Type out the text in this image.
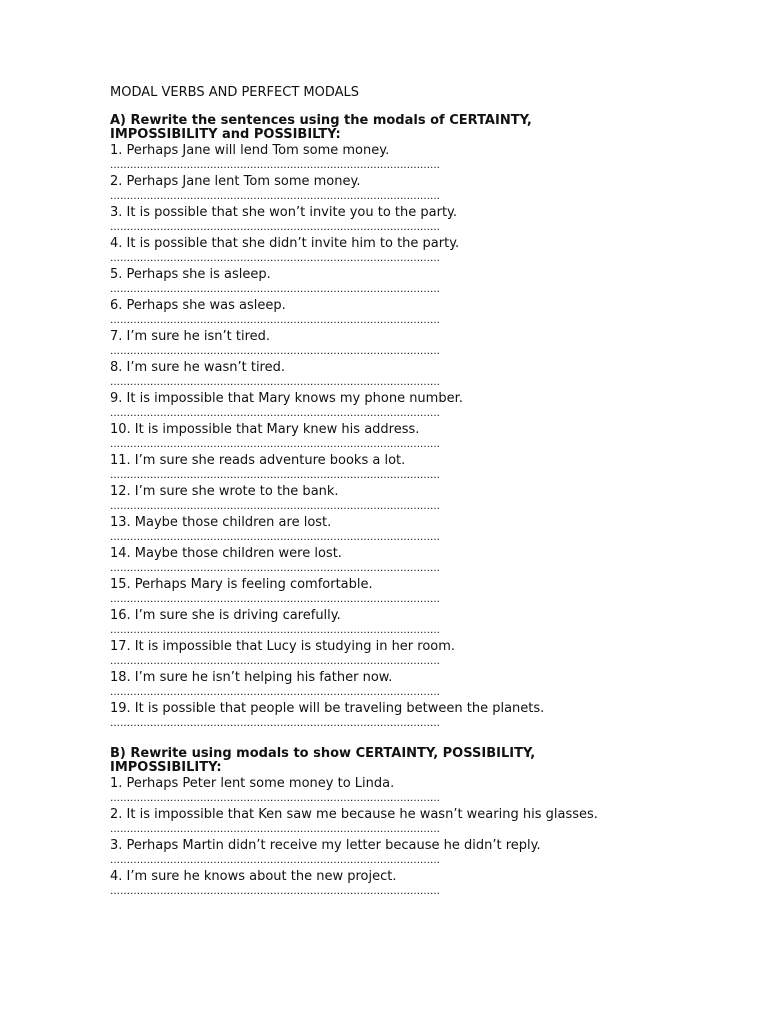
MODAL VERBS AND PERFECT MODALS
A) Rewrite the sentences using the modals of CERTAINTY,
IMPOSSIBILITY and POSSIBILTY:
1. Perhaps Jane will lend Tom some money.
………………………………………………………………………………………
2. Perhaps Jane lent Tom some money.
………………………………………………………………………………………
3. It is possible that she won’t invite you to the party.
………………………………………………………………………………………
4. It is possible that she didn’t invite him to the party.
………………………………………………………………………………………
5. Perhaps she is asleep.
………………………………………………………………………………………
6. Perhaps she was asleep.
………………………………………………………………………………………
7. I’m sure he isn’t tired.
………………………………………………………………………………………
8. I’m sure he wasn’t tired.
………………………………………………………………………………………
9. It is impossible that Mary knows my phone number.
………………………………………………………………………………………
10. It is impossible that Mary knew his address.
………………………………………………………………………………………
11. I’m sure she reads adventure books a lot.
………………………………………………………………………………………
12. I’m sure she wrote to the bank.
………………………………………………………………………………………
13. Maybe those children are lost.
………………………………………………………………………………………
14. Maybe those children were lost.
………………………………………………………………………………………
15. Perhaps Mary is feeling comfortable.
………………………………………………………………………………………
16. I’m sure she is driving carefully.
………………………………………………………………………………………
17. It is impossible that Lucy is studying in her room.
………………………………………………………………………………………
18. I’m sure he isn’t helping his father now.
………………………………………………………………………………………
19. It is possible that people will be traveling between the planets.
………………………………………………………………………………………
B) Rewrite using modals to show CERTAINTY, POSSIBILITY,
IMPOSSIBILITY:
1. Perhaps Peter lent some money to Linda.
………………………………………………………………………………………
2. It is impossible that Ken saw me because he wasn’t wearing his glasses.
………………………………………………………………………………………
3. Perhaps Martin didn’t receive my letter because he didn’t reply.
………………………………………………………………………………………
4. I’m sure he knows about the new project.
………………………………………………………………………………………
